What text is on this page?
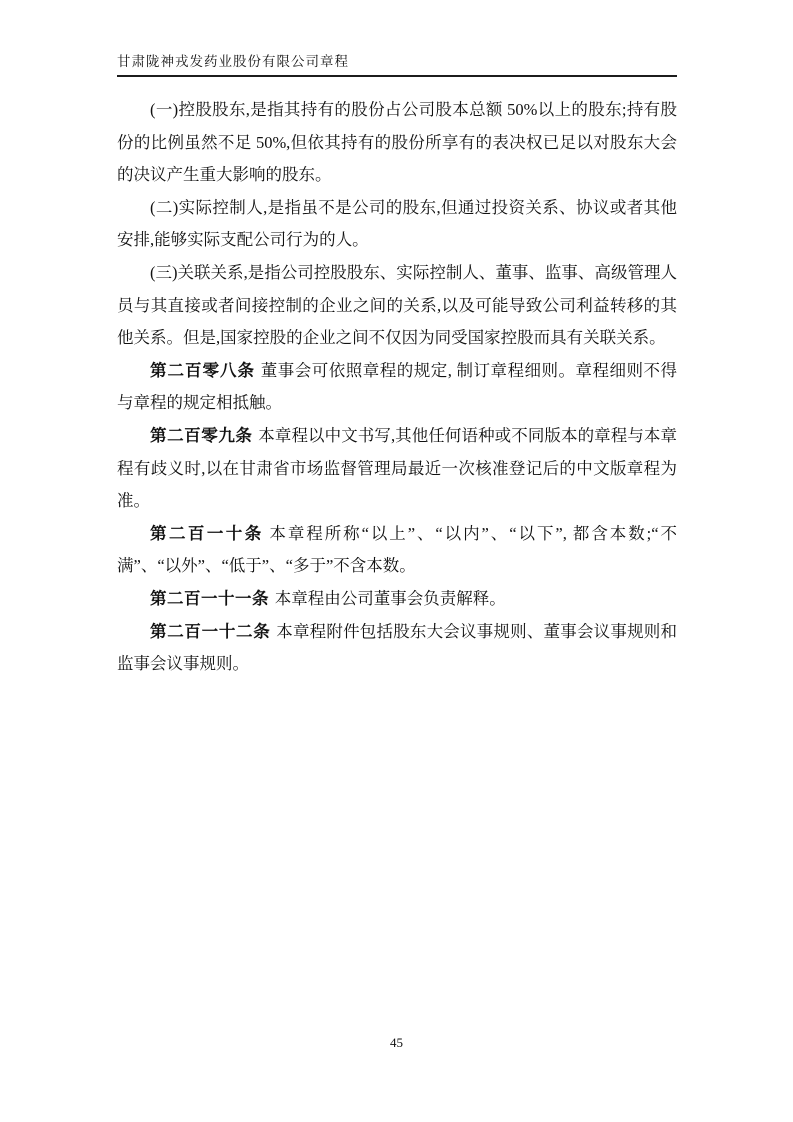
甘肃陇神戎发药业股份有限公司章程

(一)控股股东,是指其持有的股份占公司股本总额 50%以上的股东;持有股份的比例虽然不足 50%,但依其持有的股份所享有的表决权已足以对股东大会的决议产生重大影响的股东。

(二)实际控制人,是指虽不是公司的股东,但通过投资关系、协议或者其他安排,能够实际支配公司行为的人。

(三)关联关系,是指公司控股股东、实际控制人、董事、监事、高级管理人员与其直接或者间接控制的企业之间的关系,以及可能导致公司利益转移的其他关系。但是,国家控股的企业之间不仅因为同受国家控股而具有关联关系。

第二百零八条 董事会可依照章程的规定, 制订章程细则。章程细则不得与章程的规定相抵触。

第二百零九条 本章程以中文书写,其他任何语种或不同版本的章程与本章程有歧义时,以在甘肃省市场监督管理局最近一次核准登记后的中文版章程为准。

第二百一十条 本章程所称“以上”、“以内”、“以下”, 都含本数;“不满”、“以外”、“低于”、“多于”不含本数。

第二百一十一条 本章程由公司董事会负责解释。

第二百一十二条 本章程附件包括股东大会议事规则、董事会议事规则和监事会议事规则。

45
